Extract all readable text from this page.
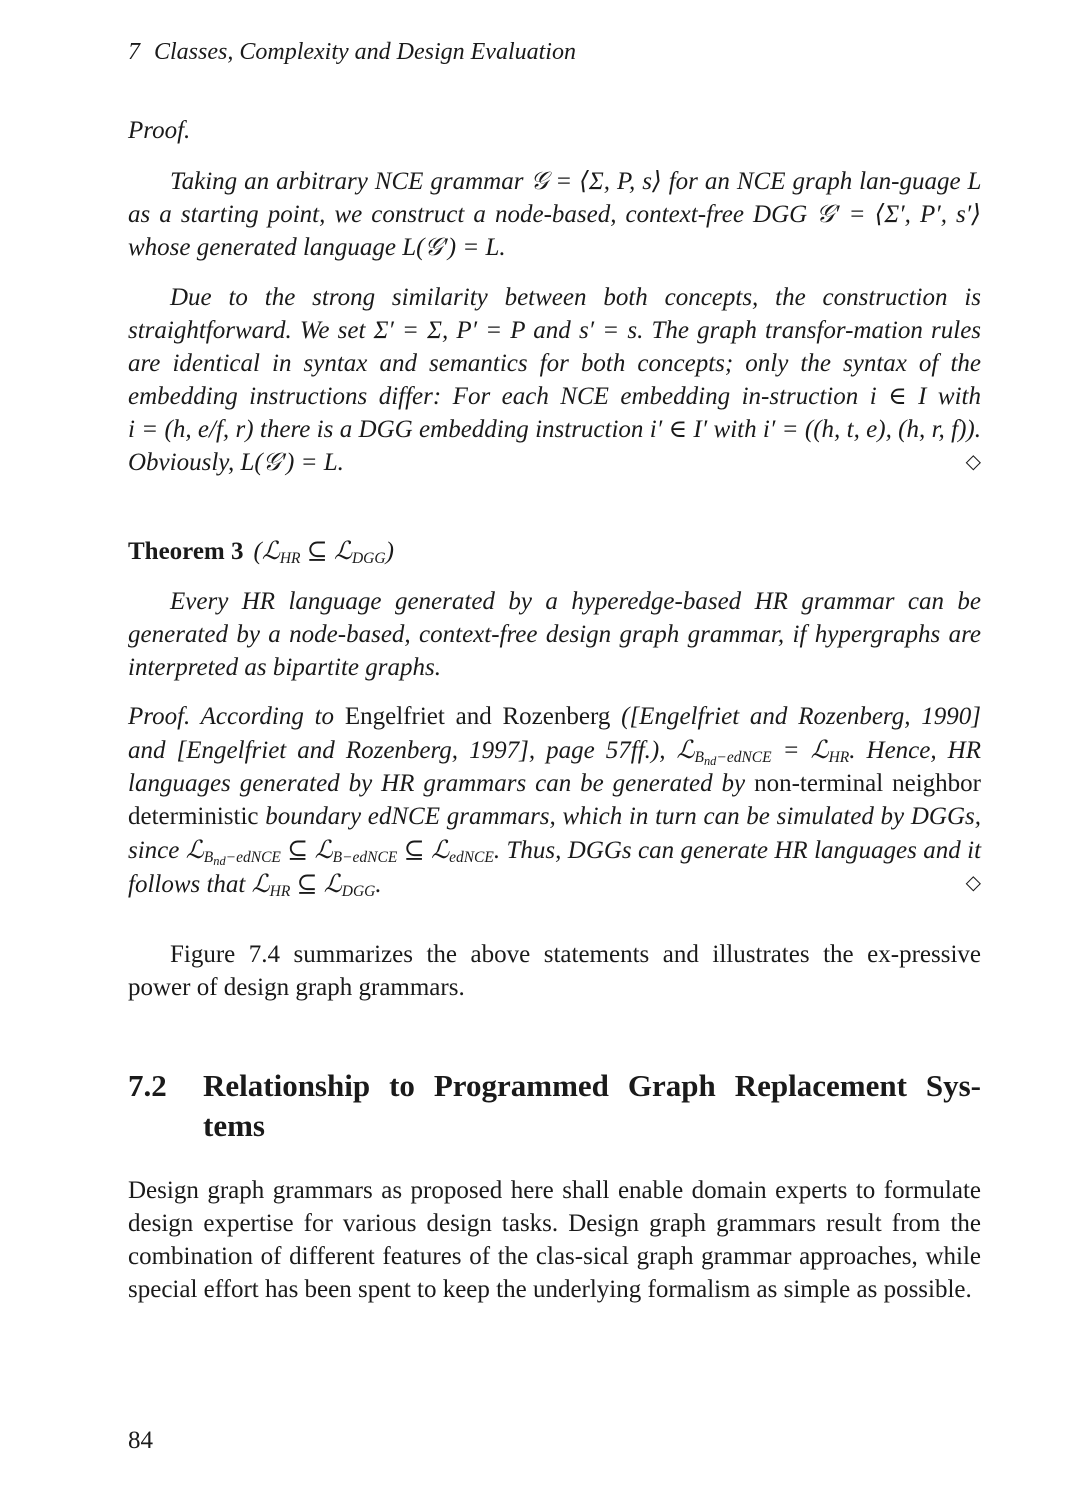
7 Classes, Complexity and Design Evaluation

Proof.

Taking an arbitrary NCE grammar 𝒢 = ⟨Σ, P, s⟩ for an NCE graph lan-guage L as a starting point, we construct a node-based, context-free DGG 𝒢′ = ⟨Σ′, P′, s′⟩ whose generated language L(𝒢′) = L.

Due to the strong similarity between both concepts, the construction is straightforward. We set Σ′ = Σ, P′ = P and s′ = s. The graph transfor-mation rules are identical in syntax and semantics for both concepts; only the syntax of the embedding instructions differ: For each NCE embedding in-struction i ∈ I with i = (h, e/f, r) there is a DGG embedding instruction i′ ∈ I′ with i′ = ((h, t, e), (h, r, f)). Obviously, L(𝒢′) = L.	◇

Theorem 3 (ℒ$_{HR}$ ⊆ ℒ$_{DGG}$)

Every HR language generated by a hyperedge-based HR grammar can be generated by a node-based, context-free design graph grammar, if hypergraphs are interpreted as bipartite graphs.

Proof. According to Engelfriet and Rozenberg ([Engelfriet and Rozenberg, 1990] and [Engelfriet and Rozenberg, 1997], page 57ff.), ℒ$_{B_{nd}-edNCE}$ = ℒ$_{HR}$. Hence, HR languages generated by HR grammars can be generated by non-terminal neighbor deterministic boundary edNCE grammars, which in turn can be simulated by DGGs, since ℒ$_{B_{nd}-edNCE}$ ⊆ ℒ$_{B-edNCE}$ ⊆ ℒ$_{edNCE}$. Thus, DGGs can generate HR languages and it follows that ℒ$_{HR}$ ⊆ ℒ$_{DGG}$.	◇

Figure 7.4 summarizes the above statements and illustrates the ex-pressive power of design graph grammars.

7.2	Relationship to Programmed Graph Replacement Sys-tems

Design graph grammars as proposed here shall enable domain experts to formulate design expertise for various design tasks. Design graph grammars result from the combination of different features of the clas-sical graph grammar approaches, while special effort has been spent to keep the underlying formalism as simple as possible.

84
